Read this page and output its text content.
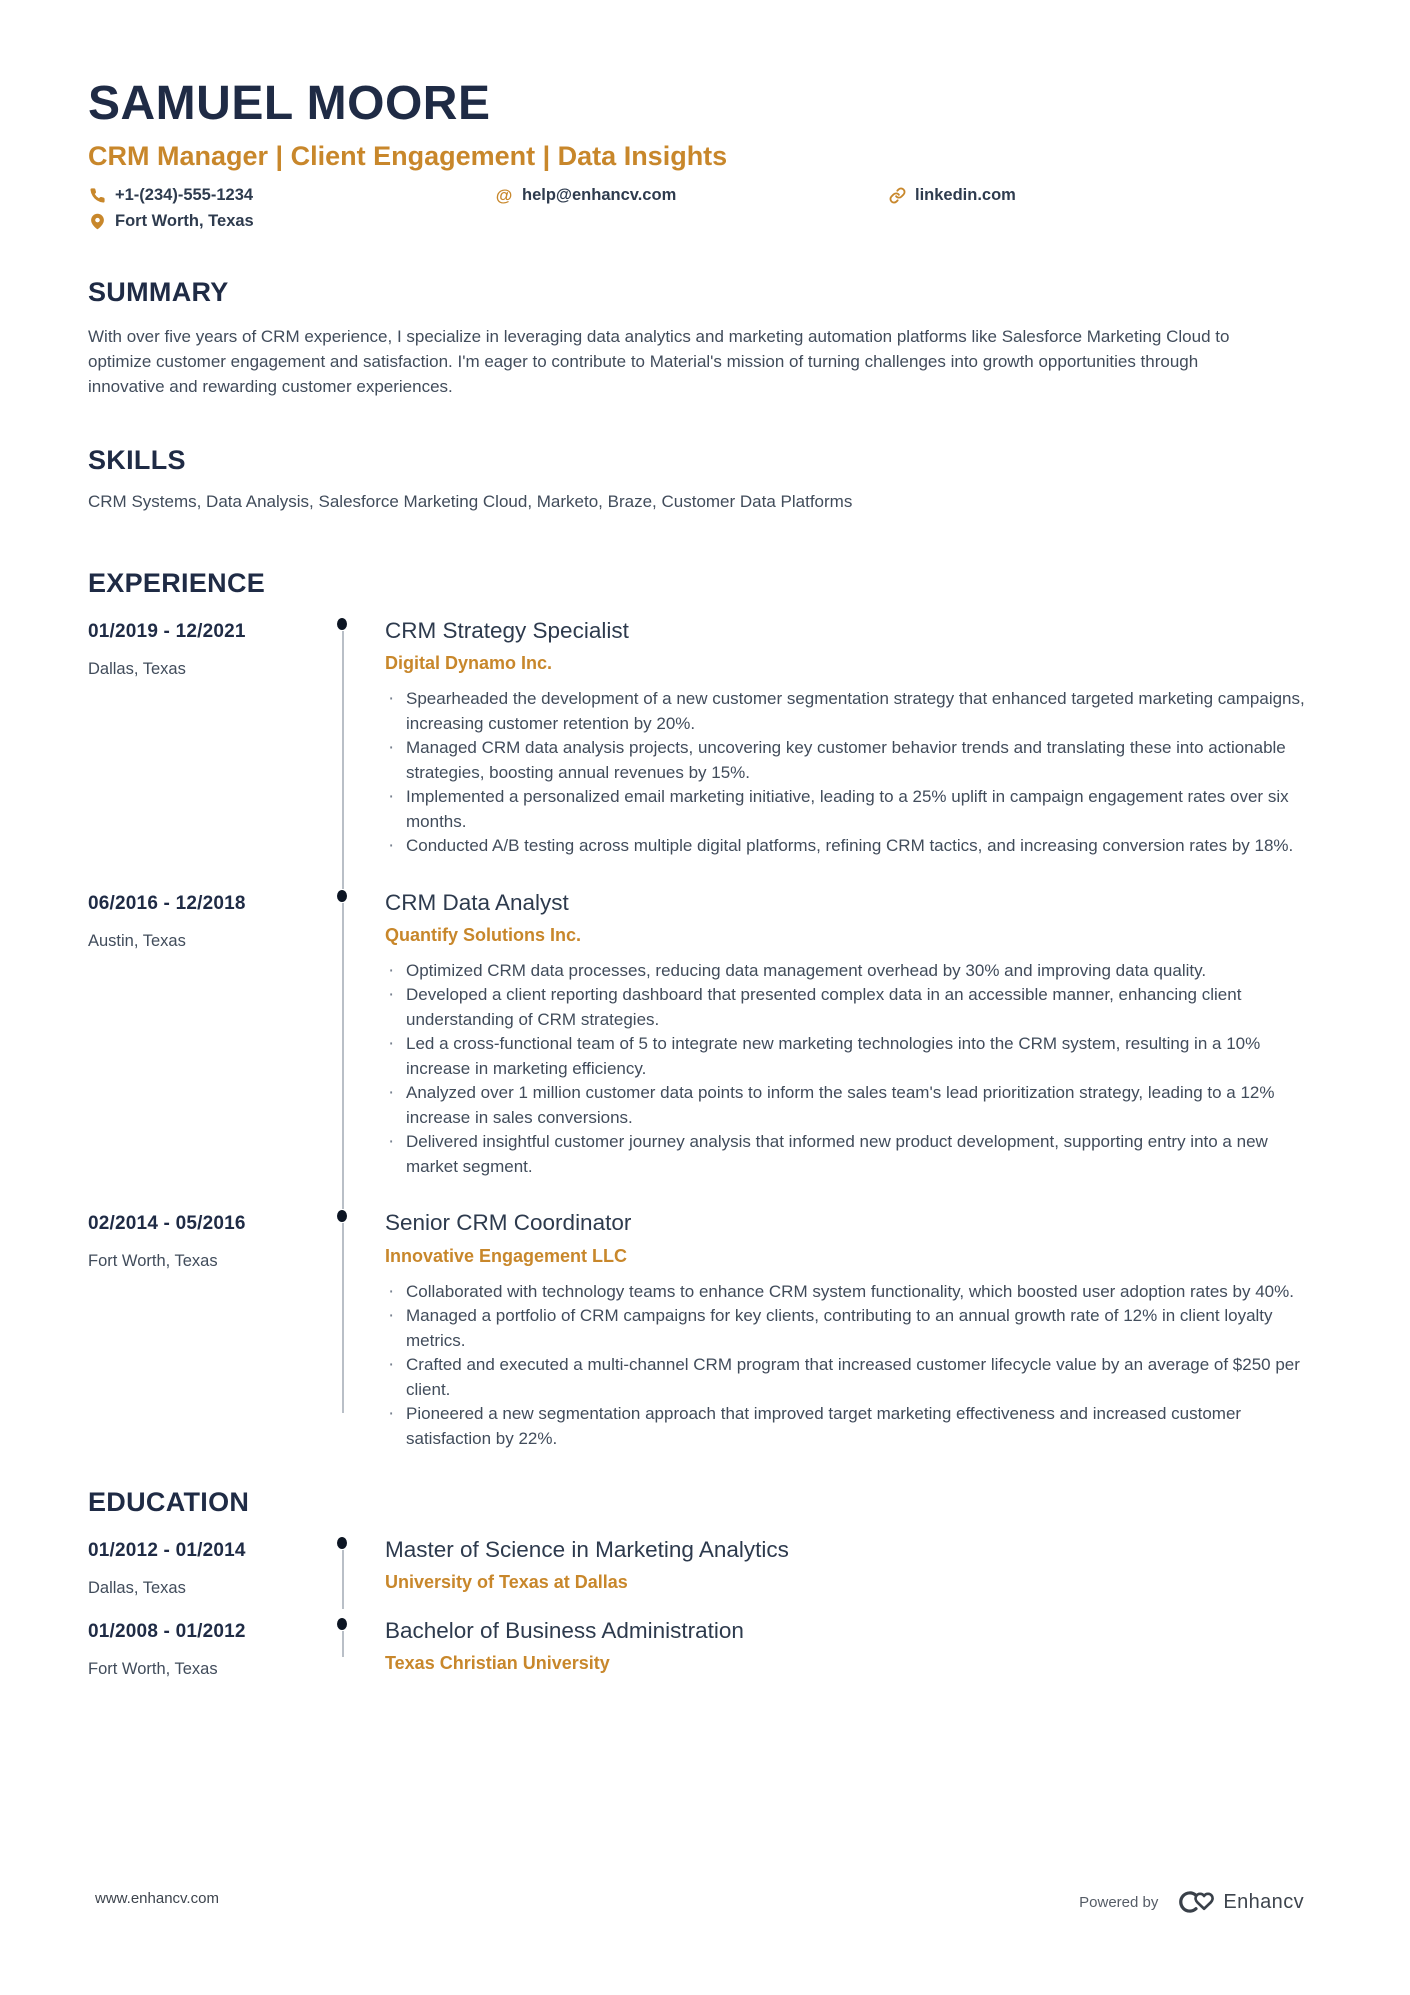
SAMUEL MOORE
CRM Manager | Client Engagement | Data Insights
+1-(234)-555-1234	@ help@enhancv.com	linkedin.com
Fort Worth, Texas
SUMMARY
With over five years of CRM experience, I specialize in leveraging data analytics and marketing automation platforms like Salesforce Marketing Cloud to optimize customer engagement and satisfaction. I'm eager to contribute to Material's mission of turning challenges into growth opportunities through innovative and rewarding customer experiences.
SKILLS
CRM Systems, Data Analysis, Salesforce Marketing Cloud, Marketo, Braze, Customer Data Platforms
EXPERIENCE
01/2019 - 12/2021
Dallas, Texas
CRM Strategy Specialist
Digital Dynamo Inc.
· Spearheaded the development of a new customer segmentation strategy that enhanced targeted marketing campaigns, increasing customer retention by 20%.
· Managed CRM data analysis projects, uncovering key customer behavior trends and translating these into actionable strategies, boosting annual revenues by 15%.
· Implemented a personalized email marketing initiative, leading to a 25% uplift in campaign engagement rates over six months.
· Conducted A/B testing across multiple digital platforms, refining CRM tactics, and increasing conversion rates by 18%.
06/2016 - 12/2018
Austin, Texas
CRM Data Analyst
Quantify Solutions Inc.
· Optimized CRM data processes, reducing data management overhead by 30% and improving data quality.
· Developed a client reporting dashboard that presented complex data in an accessible manner, enhancing client understanding of CRM strategies.
· Led a cross-functional team of 5 to integrate new marketing technologies into the CRM system, resulting in a 10% increase in marketing efficiency.
· Analyzed over 1 million customer data points to inform the sales team's lead prioritization strategy, leading to a 12% increase in sales conversions.
· Delivered insightful customer journey analysis that informed new product development, supporting entry into a new market segment.
02/2014 - 05/2016
Fort Worth, Texas
Senior CRM Coordinator
Innovative Engagement LLC
· Collaborated with technology teams to enhance CRM system functionality, which boosted user adoption rates by 40%.
· Managed a portfolio of CRM campaigns for key clients, contributing to an annual growth rate of 12% in client loyalty metrics.
· Crafted and executed a multi-channel CRM program that increased customer lifecycle value by an average of $250 per client.
· Pioneered a new segmentation approach that improved target marketing effectiveness and increased customer satisfaction by 22%.
EDUCATION
01/2012 - 01/2014
Dallas, Texas
Master of Science in Marketing Analytics
University of Texas at Dallas
01/2008 - 01/2012
Fort Worth, Texas
Bachelor of Business Administration
Texas Christian University
www.enhancv.com	Powered by	Enhancv
